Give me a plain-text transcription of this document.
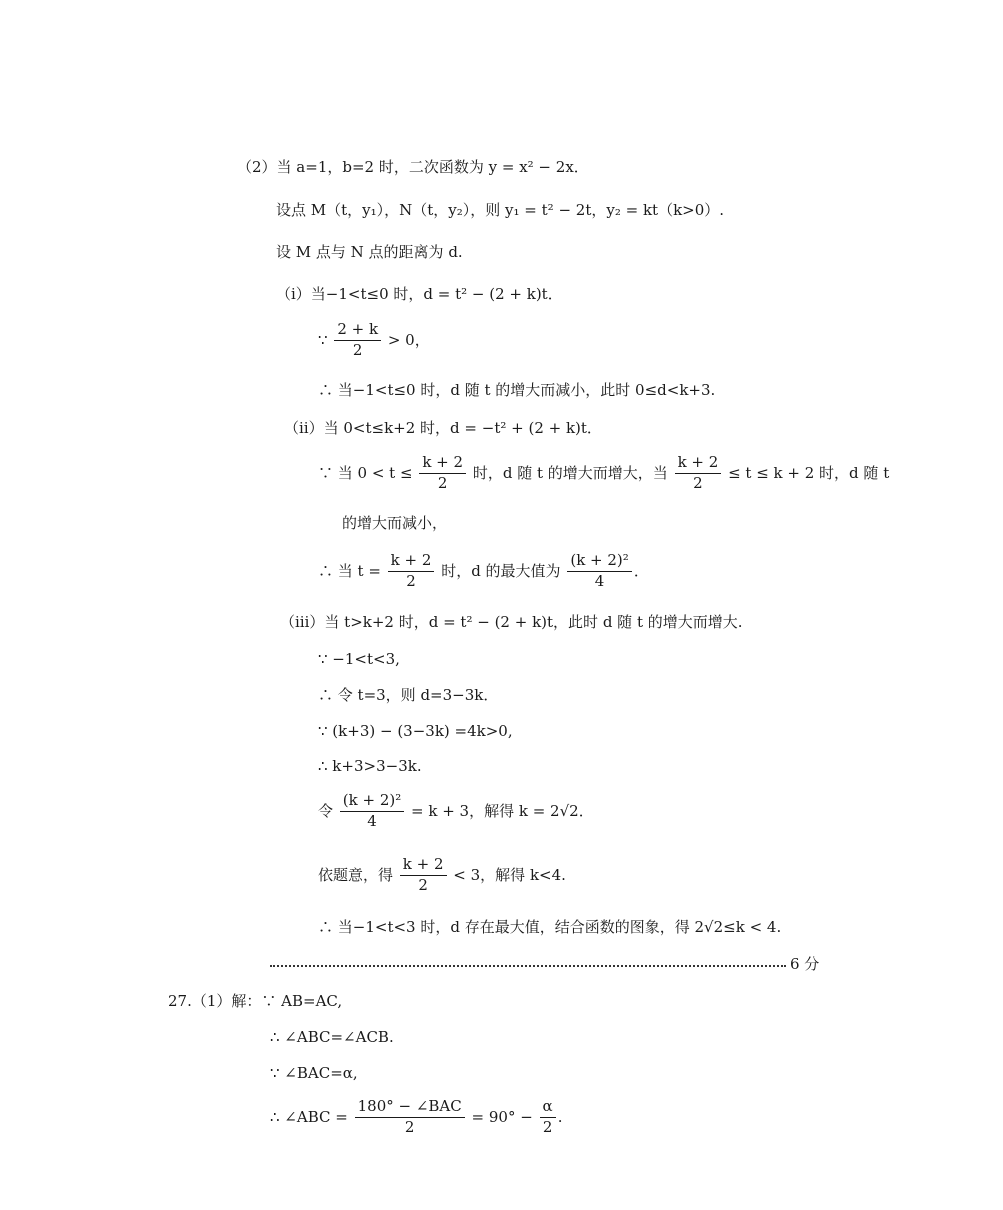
（2）当 a=1，b=2 时，二次函数为 y = x² − 2x．
设点 M（t，y₁），N（t，y₂），则 y₁ = t² − 2t，y₂ = kt（k>0）.
设 M 点与 N 点的距离为 d.
（ⅰ）当−1<t≤0 时，d = t² − (2 + k)t．
∵ $\frac{2 + k}{2} > 0$，
∴ 当−1<t≤0 时，d 随 t 的增大而减小，此时 0≤d<k+3.
（ⅱ）当 0<t≤k+2 时，d = −t² + (2 + k)t．
∵ 当 $0 < t \le \frac{k + 2}{2}$ 时，d 随 t 的增大而增大，当 $\frac{k + 2}{2} \le t \le k + 2$ 时，d 随 t
的增大而减小，
∴ 当 $t = \frac{k + 2}{2}$ 时，d 的最大值为 $\frac{\text{(k + 2)²}}{4}$ ．
（ⅲ）当 t>k+2 时，d = t² − (2 + k)t，此时 d 随 t 的增大而增大.
∵ −1<t<3,
∴ 令 t=3，则 d=3−3k．
∵ (k+3) − (3−3k) =4k>0,
∴ k+3>3−3k.
令 $\frac{\text{(k + 2)²}}{4} = k + 3$，解得 k = 2√2．
依题意，得 $\frac{k + 2}{2} < 3$，解得 k<4.
∴ 当−1<t<3 时，d 存在最大值，结合函数的图象，得 2√2≤k < 4.
6 分
27.（1）解：∵ AB=AC,
∴ ∠ABC=∠ACB.
∵ ∠BAC=α,
∴ ∠ABC = $\frac{\text{180° − ∠BAC}}{2} = 90^\circ - \frac{\alpha}{2}$ .
